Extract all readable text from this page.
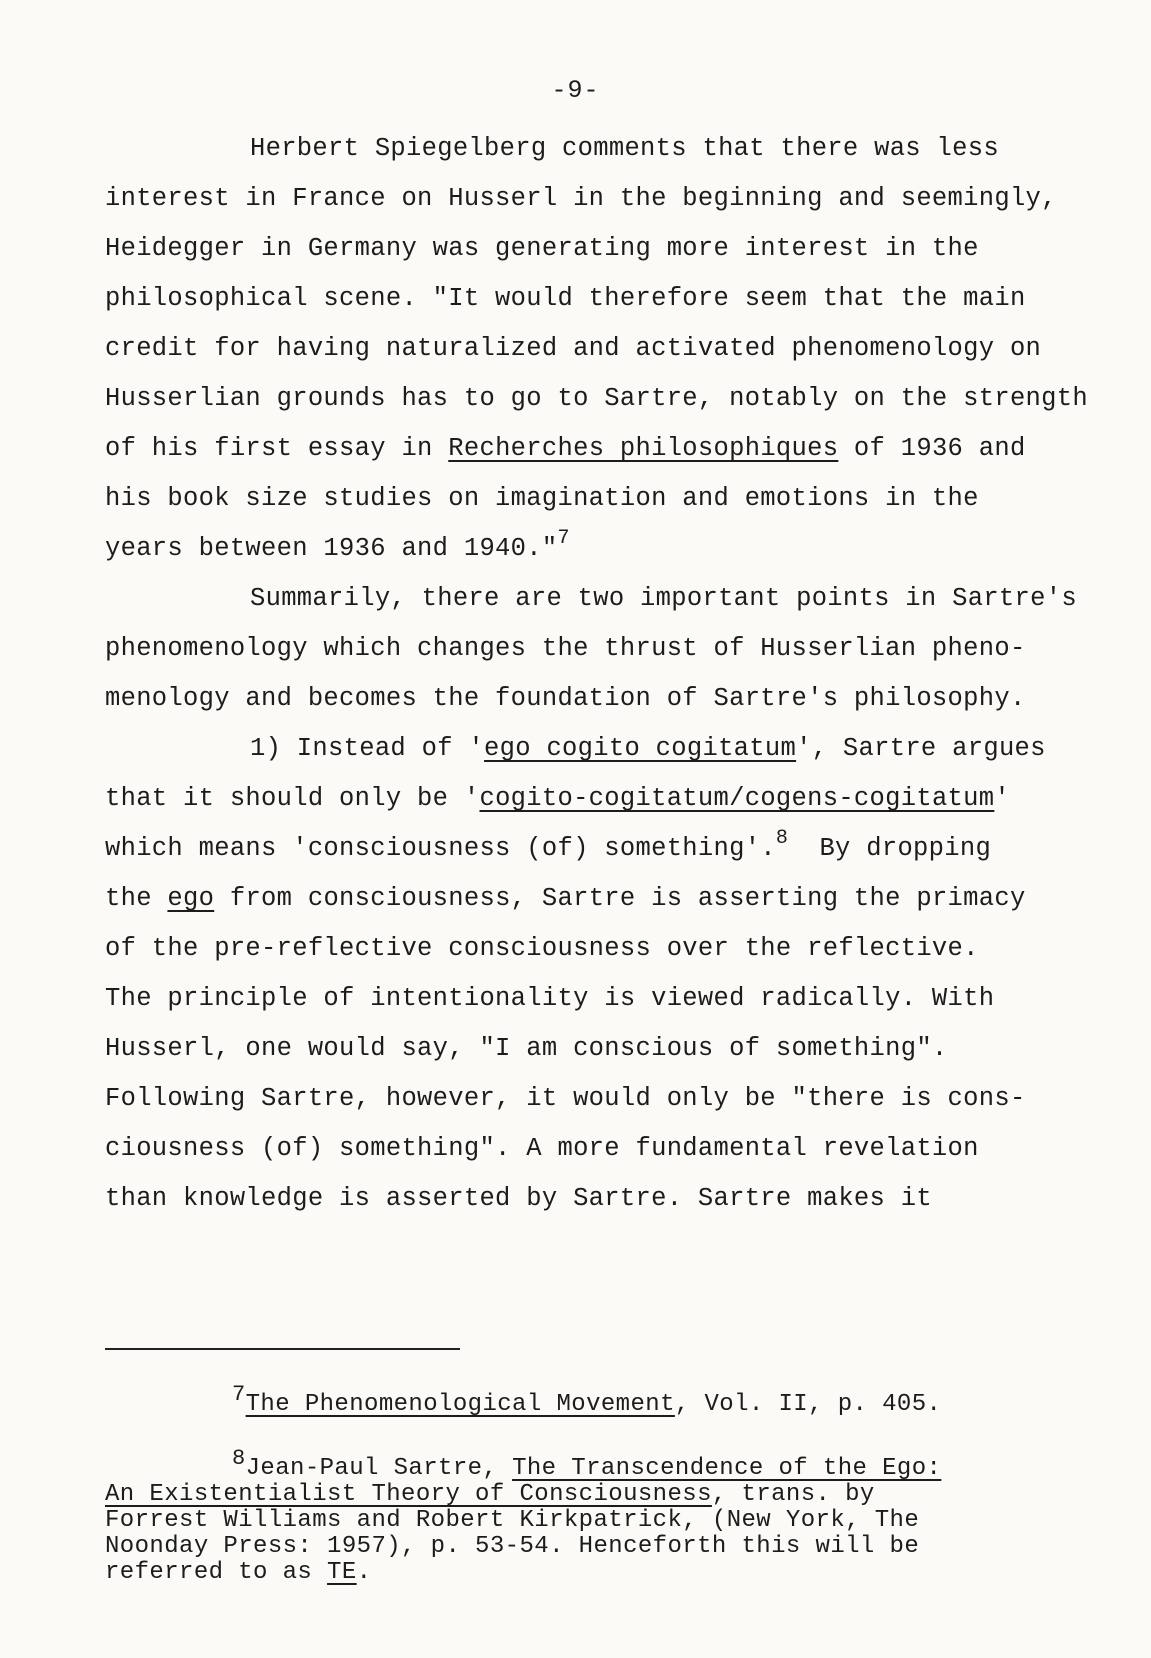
-9-
Herbert Spiegelberg comments that there was less
interest in France on Husserl in the beginning and seemingly,
Heidegger in Germany was generating more interest in the
philosophical scene. "It would therefore seem that the main
credit for having naturalized and activated phenomenology on
Husserlian grounds has to go to Sartre, notably on the strength
of his first essay in Recherches philosophiques of 1936 and
his book size studies on imagination and emotions in the
years between 1936 and 1940."$^7$
Summarily, there are two important points in Sartre's
phenomenology which changes the thrust of Husserlian pheno-
menology and becomes the foundation of Sartre's philosophy.
1) Instead of 'ego cogito cogitatum', Sartre argues
that it should only be 'cogito-cogitatum/cogens-cogitatum'
which means 'consciousness (of) something'.$^8$  By dropping
the ego from consciousness, Sartre is asserting the primacy
of the pre-reflective consciousness over the reflective.
The principle of intentionality is viewed radically. With
Husserl, one would say, "I am conscious of something".
Following Sartre, however, it would only be "there is cons-
ciousness (of) something". A more fundamental revelation
than knowledge is asserted by Sartre. Sartre makes it
$^7$The Phenomenological Movement, Vol. II, p. 405.
$^8$Jean-Paul Sartre, The Transcendence of the Ego:
An Existentialist Theory of Consciousness, trans. by
Forrest Williams and Robert Kirkpatrick, (New York, The
Noonday Press: 1957), p. 53-54. Henceforth this will be
referred to as TE.
